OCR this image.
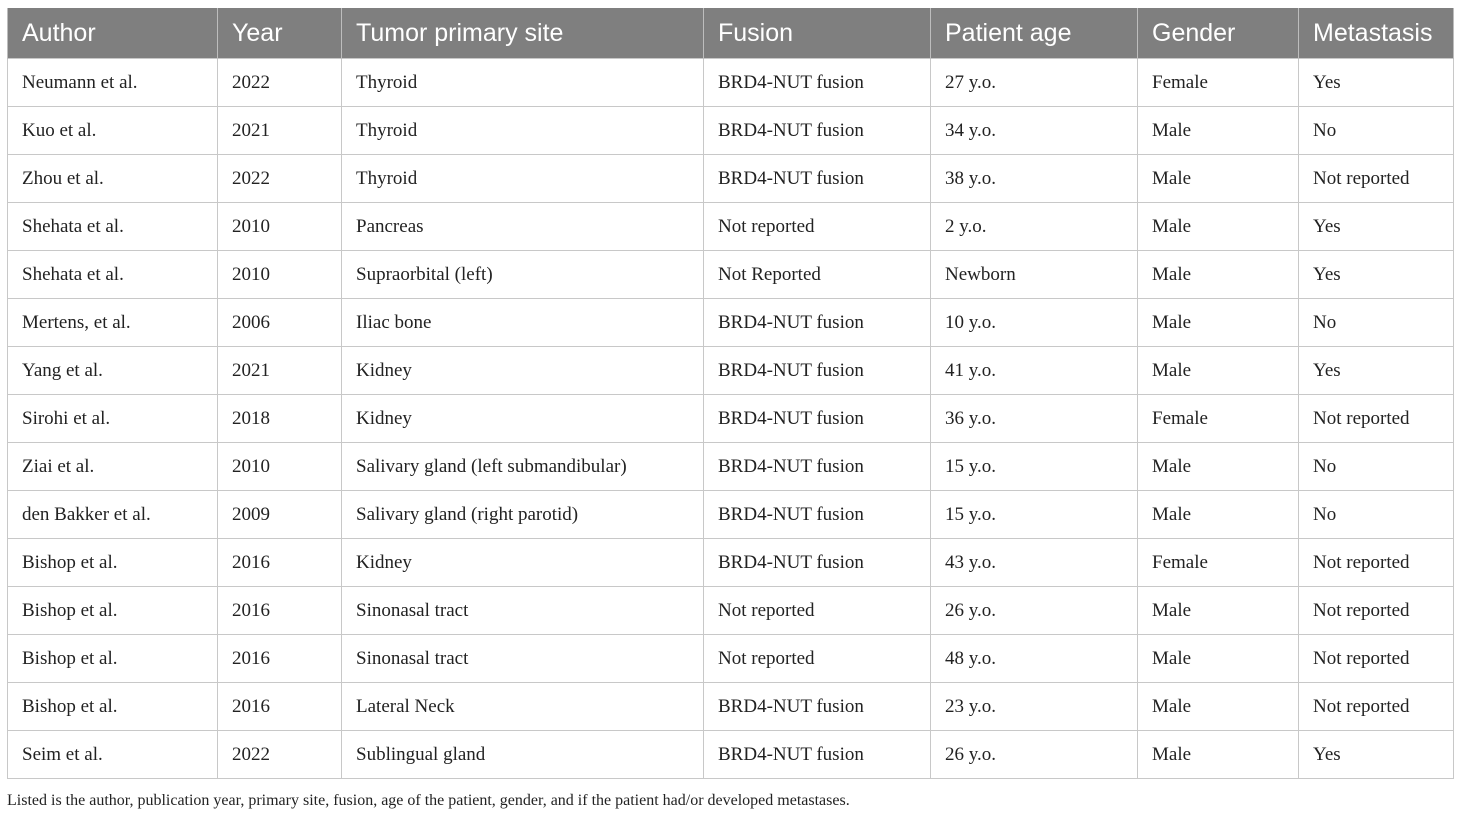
Author	Year	Tumor primary site	Fusion	Patient age	Gender	Metastasis
Neumann et al.	2022	Thyroid	BRD4-NUT fusion	27 y.o.	Female	Yes
Kuo et al.	2021	Thyroid	BRD4-NUT fusion	34 y.o.	Male	No
Zhou et al.	2022	Thyroid	BRD4-NUT fusion	38 y.o.	Male	Not reported
Shehata et al.	2010	Pancreas	Not reported	2 y.o.	Male	Yes
Shehata et al.	2010	Supraorbital (left)	Not Reported	Newborn	Male	Yes
Mertens, et al.	2006	Iliac bone	BRD4-NUT fusion	10 y.o.	Male	No
Yang et al.	2021	Kidney	BRD4-NUT fusion	41 y.o.	Male	Yes
Sirohi et al.	2018	Kidney	BRD4-NUT fusion	36 y.o.	Female	Not reported
Ziai et al.	2010	Salivary gland (left submandibular)	BRD4-NUT fusion	15 y.o.	Male	No
den Bakker et al.	2009	Salivary gland (right parotid)	BRD4-NUT fusion	15 y.o.	Male	No
Bishop et al.	2016	Kidney	BRD4-NUT fusion	43 y.o.	Female	Not reported
Bishop et al.	2016	Sinonasal tract	Not reported	26 y.o.	Male	Not reported
Bishop et al.	2016	Sinonasal tract	Not reported	48 y.o.	Male	Not reported
Bishop et al.	2016	Lateral Neck	BRD4-NUT fusion	23 y.o.	Male	Not reported
Seim et al.	2022	Sublingual gland	BRD4-NUT fusion	26 y.o.	Male	Yes
Listed is the author, publication year, primary site, fusion, age of the patient, gender, and if the patient had/or developed metastases.
